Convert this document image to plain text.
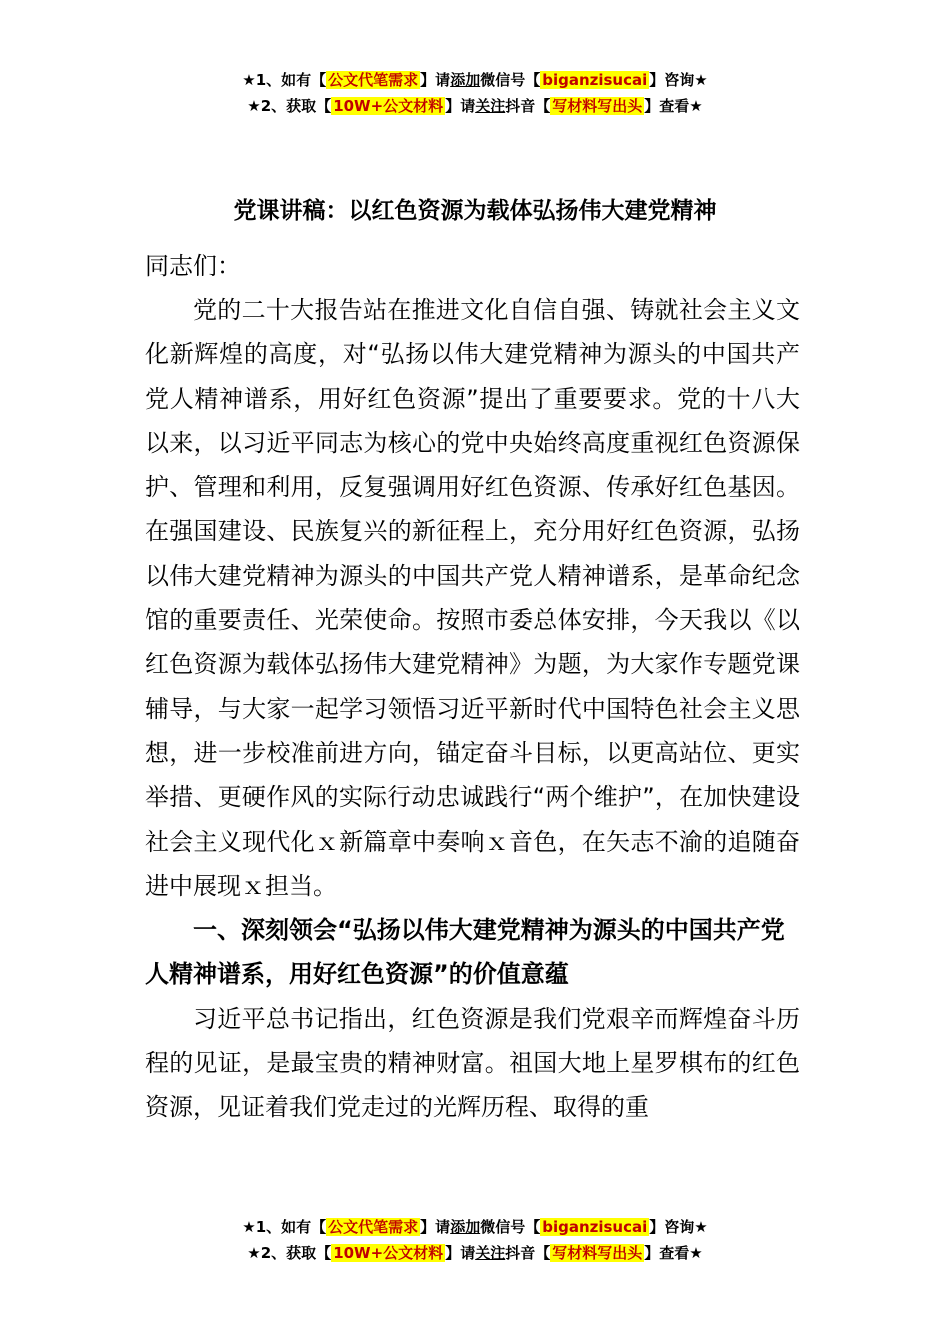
★1、如有【 公文代笔需求 】请添加微信号【 biganzisucai 】咨询★
★2、获取【 10W+公文材料 】请关注抖音【 写材料写出头 】查看★
党课讲稿：以红色资源为载体弘扬伟大建党精神
同志们：

党的二十大报告站在推进文化自信自强、铸就社会主义文化新辉煌的高度，对“弘扬以伟大建党精神为源头的中国共产党人精神谱系，用好红色资源”提出了重要要求。党的十八大以来，以习近平同志为核心的党中央始终高度重视红色资源保护、管理和利用，反复强调用好红色资源、传承好红色基因。在强国建设、民族复兴的新征程上，充分用好红色资源，弘扬以伟大建党精神为源头的中国共产党人精神谱系，是革命纪念馆的重要责任、光荣使命。按照市委总体安排，今天我以《以红色资源为载体弘扬伟大建党精神》为题，为大家作专题党课辅导，与大家一起学习领悟习近平新时代中国特色社会主义思想，进一步校准前进方向，锚定奋斗目标，以更高站位、更实举措、更硬作风的实际行动忠诚践行“两个维护”，在加快建设社会主义现代化ｘ新篇章中奏响ｘ音色，在矢志不渝的追随奋进中展现ｘ担当。

一、深刻领会“弘扬以伟大建党精神为源头的中国共产党人精神谱系，用好红色资源”的价值意蕴

习近平总书记指出，红色资源是我们党艰辛而辉煌奋斗历程的见证，是最宝贵的精神财富。祖国大地上星罗棋布的红色资源，见证着我们党走过的光辉历程、取得的重

★1、如有【 公文代笔需求 】请添加微信号【 biganzisucai 】咨询★
★2、获取【 10W+公文材料 】请关注抖音【 写材料写出头 】查看★
